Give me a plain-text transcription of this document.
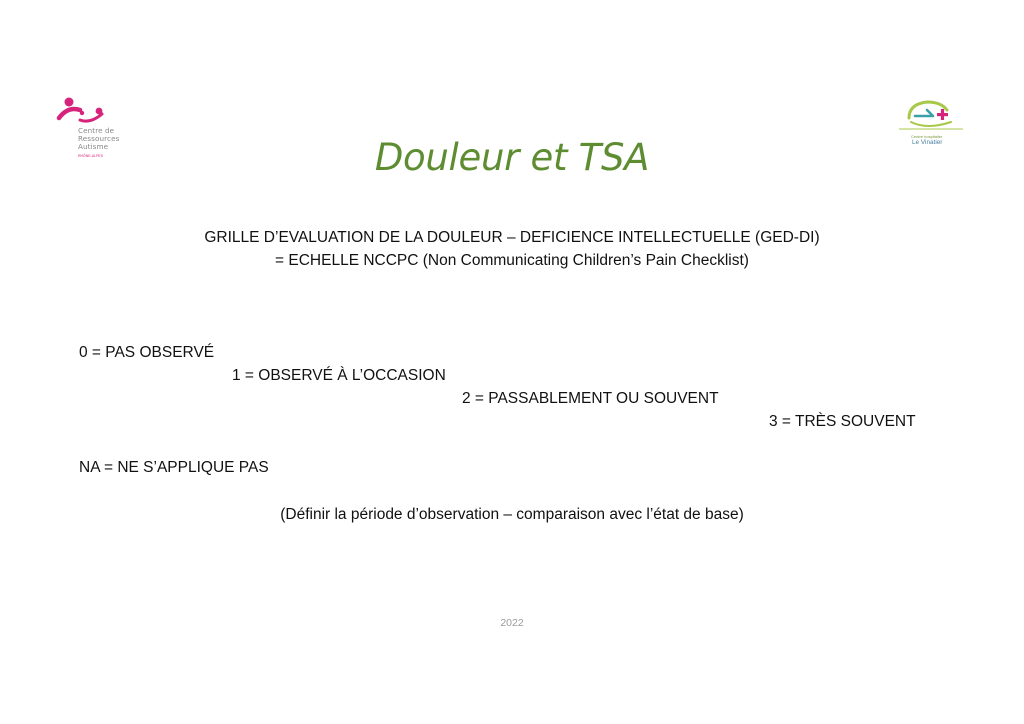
Centre de
Ressources
Autisme
RHÔNE-ALPES
Centre hospitalier
Le Vinatier
Douleur et TSA
GRILLE D’EVALUATION DE LA DOULEUR – DEFICIENCE INTELLECTUELLE (GED-DI)
= ECHELLE NCCPC (Non Communicating Children’s Pain Checklist)
0 = PAS OBSERVÉ
1 = OBSERVÉ À L’OCCASION
2 = PASSABLEMENT OU SOUVENT
3 = TRÈS SOUVENT
NA = NE S’APPLIQUE PAS
(Définir la période d’observation – comparaison avec l’état de base)
2022
